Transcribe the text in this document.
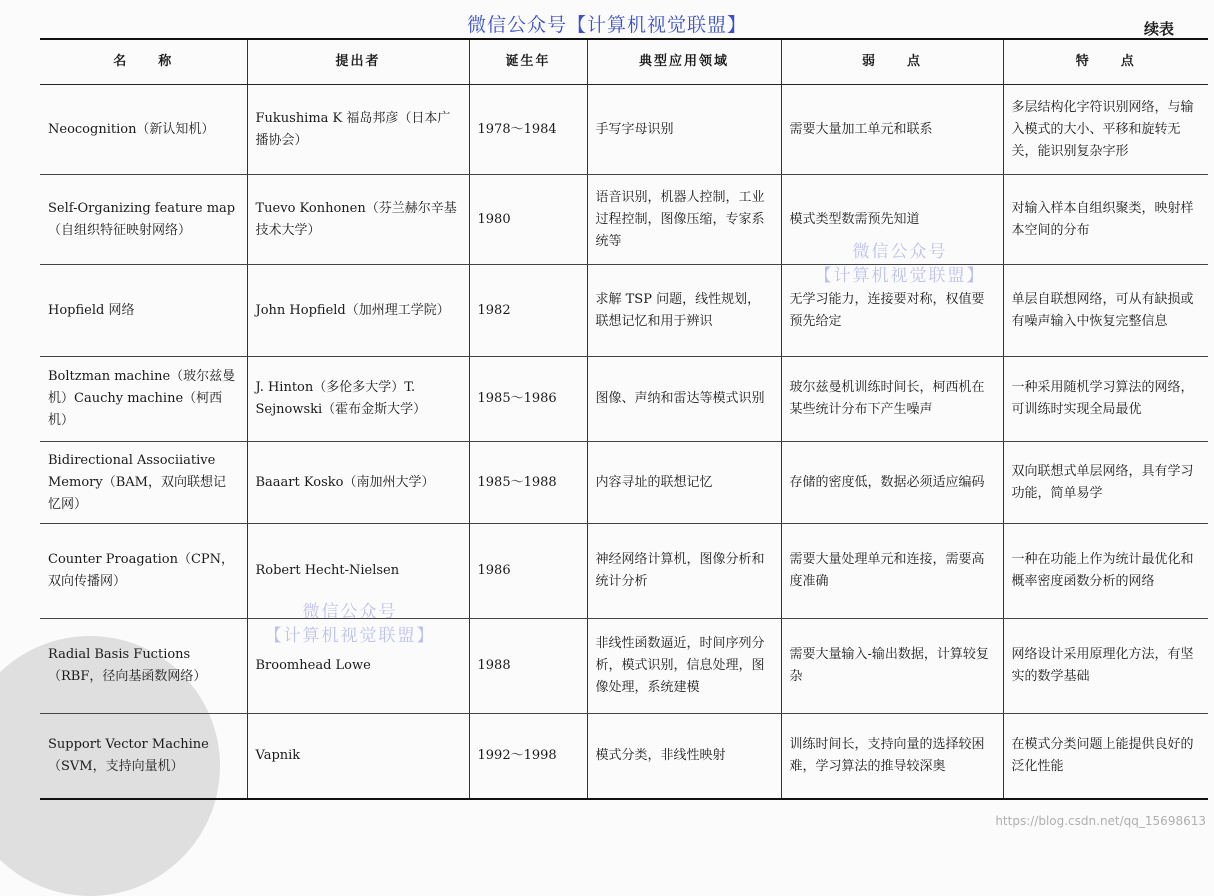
微信公众号【计算机视觉联盟】	续表
名　　称	提出者	诞生年	典型应用领域	弱　　点	特　　点
Neocognition（新认知机）	Fukushima K 福岛邦彦（日本广播协会）	1978～1984	手写字母识别	需要大量加工单元和联系	多层结构化字符识别网络，与输入模式的大小、平移和旋转无关，能识别复杂字形
Self-Organizing feature map（自组织特征映射网络）	Tuevo Konhonen（芬兰赫尔辛基技术大学）	1980	语音识别，机器人控制，工业过程控制，图像压缩，专家系统等	模式类型数需预先知道	对输入样本自组织聚类，映射样本空间的分布
Hopfield 网络	John Hopfield（加州理工学院）	1982	求解 TSP 问题，线性规划，联想记忆和用于辨识	无学习能力，连接要对称，权值要预先给定	单层自联想网络，可从有缺损或有噪声输入中恢复完整信息
Boltzman machine（玻尔兹曼机）Cauchy machine（柯西机）	J. Hinton（多伦多大学）T. Sejnowski（霍布金斯大学）	1985～1986	图像、声纳和雷达等模式识别	玻尔兹曼机训练时间长，柯西机在某些统计分布下产生噪声	一种采用随机学习算法的网络，可训练时实现全局最优
Bidirectional Associiative Memory（BAM，双向联想记忆网）	Baaart Kosko（南加州大学）	1985～1988	内容寻址的联想记忆	存储的密度低，数据必须适应编码	双向联想式单层网络，具有学习功能，简单易学
Counter Proagation（CPN，双向传播网）	Robert Hecht-Nielsen	1986	神经网络计算机，图像分析和统计分析	需要大量处理单元和连接，需要高度准确	一种在功能上作为统计最优化和概率密度函数分析的网络
Radial Basis Fuctions（RBF，径向基函数网络）	Broomhead Lowe	1988	非线性函数逼近，时间序列分析，模式识别，信息处理，图像处理，系统建模	需要大量输入-输出数据，计算较复杂	网络设计采用原理化方法，有坚实的数学基础
Support Vector Machine（SVM，支持向量机）	Vapnik	1992～1998	模式分类，非线性映射	训练时间长，支持向量的选择较困难，学习算法的推导较深奥	在模式分类问题上能提供良好的泛化性能
微信公众号
【计算机视觉联盟】
微信公众号
【计算机视觉联盟】
https://blog.csdn.net/qq_15698613
